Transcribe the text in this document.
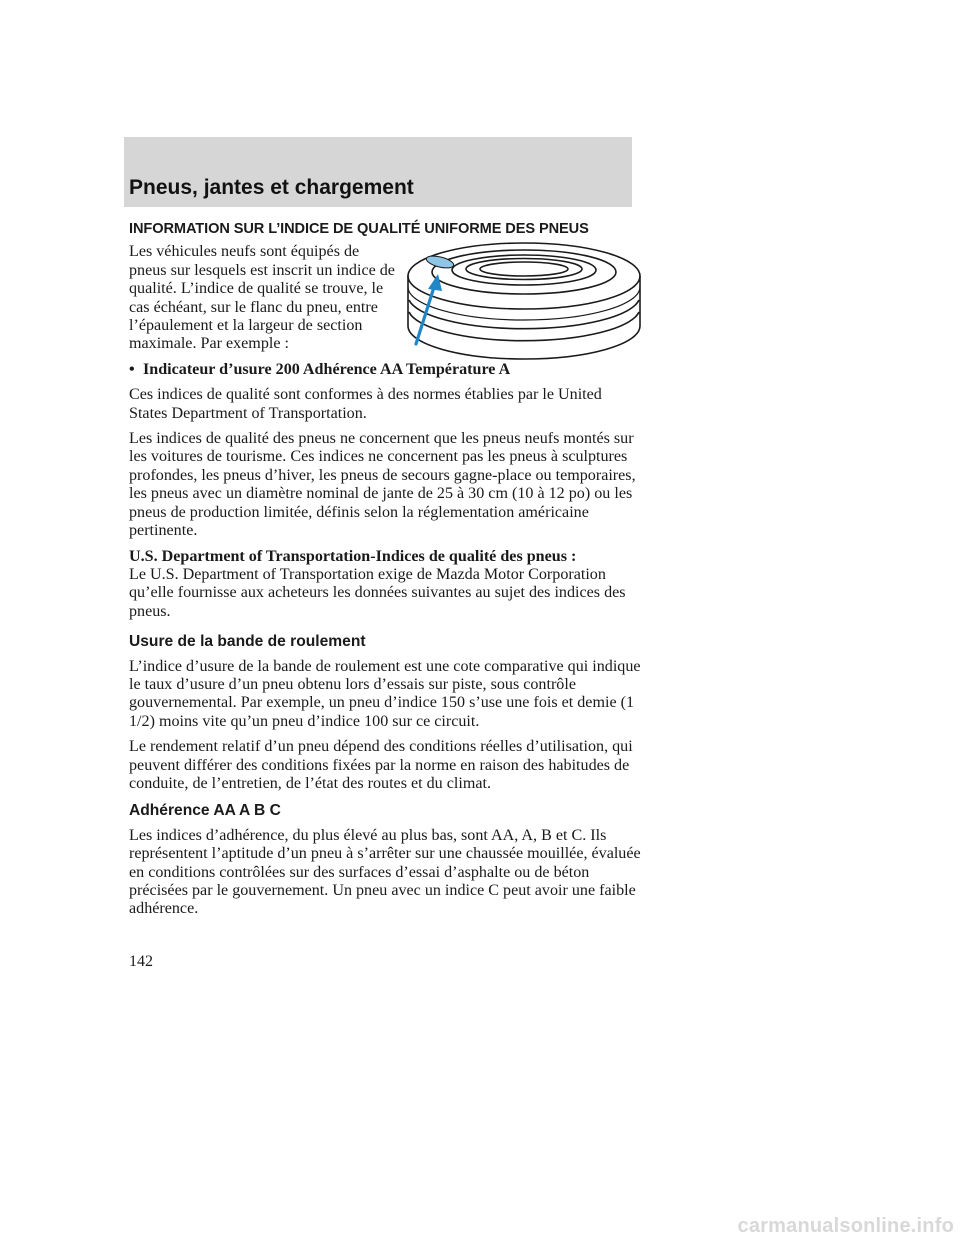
Pneus, jantes et chargement
INFORMATION SUR L’INDICE DE QUALITÉ UNIFORME DES PNEUS

Les véhicules neufs sont équipés de pneus sur lesquels est inscrit un indice de qualité. L’indice de qualité se trouve, le cas échéant, sur le flanc du pneu, entre l’épaulement et la largeur de section maximale. Par exemple :

• Indicateur d’usure 200 Adhérence AA Température A

Ces indices de qualité sont conformes à des normes établies par le United States Department of Transportation.

Les indices de qualité des pneus ne concernent que les pneus neufs montés sur les voitures de tourisme. Ces indices ne concernent pas les pneus à sculptures profondes, les pneus d’hiver, les pneus de secours gagne-place ou temporaires, les pneus avec un diamètre nominal de jante de 25 à 30 cm (10 à 12 po) ou les pneus de production limitée, définis selon la réglementation américaine pertinente.

U.S. Department of Transportation-Indices de qualité des pneus :
Le U.S. Department of Transportation exige de Mazda Motor Corporation qu’elle fournisse aux acheteurs les données suivantes au sujet des indices des pneus.

Usure de la bande de roulement

L’indice d’usure de la bande de roulement est une cote comparative qui indique le taux d’usure d’un pneu obtenu lors d’essais sur piste, sous contrôle gouvernemental. Par exemple, un pneu d’indice 150 s’use une fois et demie (1 1/2) moins vite qu’un pneu d’indice 100 sur ce circuit.

Le rendement relatif d’un pneu dépend des conditions réelles d’utilisation, qui peuvent différer des conditions fixées par la norme en raison des habitudes de conduite, de l’entretien, de l’état des routes et du climat.

Adhérence AA A B C

Les indices d’adhérence, du plus élevé au plus bas, sont AA, A, B et C. Ils représentent l’aptitude d’un pneu à s’arrêter sur une chaussée mouillée, évaluée en conditions contrôlées sur des surfaces d’essai d’asphalte ou de béton précisées par le gouvernement. Un pneu avec un indice C peut avoir une faible adhérence.

142
carmanualsonline.info
